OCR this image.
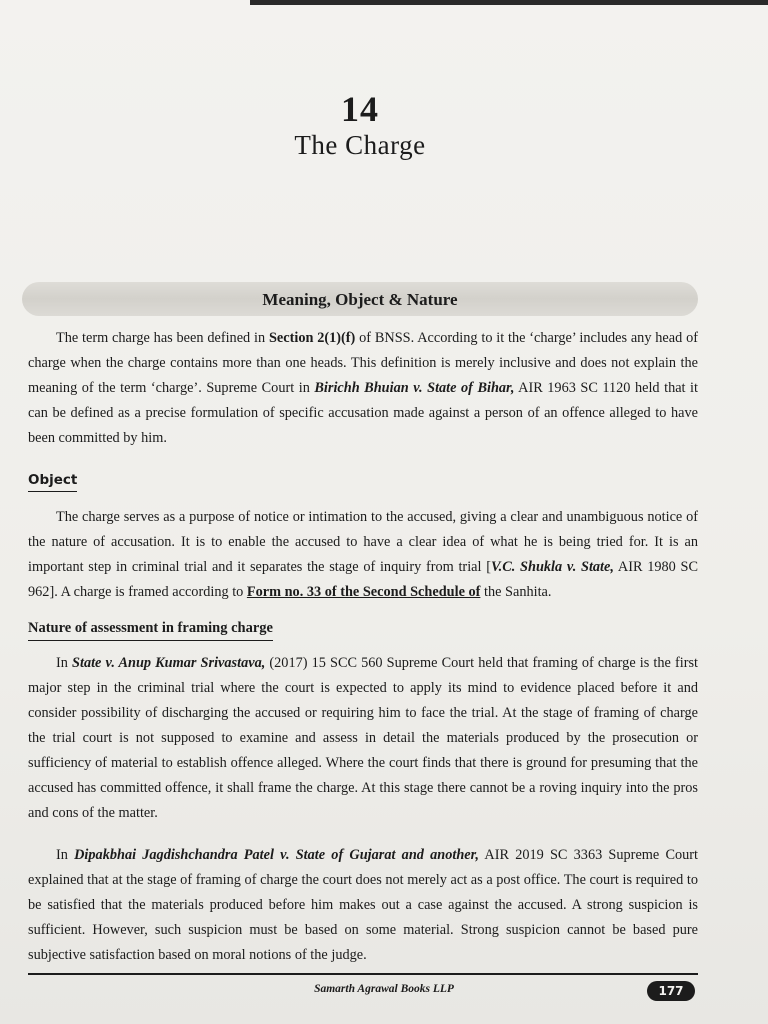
14
The Charge
Meaning, Object & Nature

The term charge has been defined in Section 2(1)(f) of BNSS. According to it the ‘charge’ includes any head of charge when the charge contains more than one heads. This definition is merely inclusive and does not explain the meaning of the term ‘charge’. Supreme Court in Birichh Bhuian v. State of Bihar, AIR 1963 SC 1120 held that it can be defined as a precise formulation of specific accusation made against a person of an offence alleged to have been committed by him.

Object

The charge serves as a purpose of notice or intimation to the accused, giving a clear and unambiguous notice of the nature of accusation. It is to enable the accused to have a clear idea of what he is being tried for. It is an important step in criminal trial and it separates the stage of inquiry from trial [V.C. Shukla v. State, AIR 1980 SC 962]. A charge is framed according to Form no. 33 of the Second Schedule of the Sanhita.

Nature of assessment in framing charge

In State v. Anup Kumar Srivastava, (2017) 15 SCC 560 Supreme Court held that framing of charge is the first major step in the criminal trial where the court is expected to apply its mind to evidence placed before it and consider possibility of discharging the accused or requiring him to face the trial. At the stage of framing of charge the trial court is not supposed to examine and assess in detail the materials produced by the prosecution or sufficiency of material to establish offence alleged. Where the court finds that there is ground for presuming that the accused has committed offence, it shall frame the charge. At this stage there cannot be a roving inquiry into the pros and cons of the matter.

In Dipakbhai Jagdishchandra Patel v. State of Gujarat and another, AIR 2019 SC 3363 Supreme Court explained that at the stage of framing of charge the court does not merely act as a post office. The court is required to be satisfied that the materials produced before him makes out a case against the accused. A strong suspicion is sufficient. However, such suspicion must be based on some material. Strong suspicion cannot be based pure subjective satisfaction based on moral notions of the judge.

Samarth Agrawal Books LLP	177
